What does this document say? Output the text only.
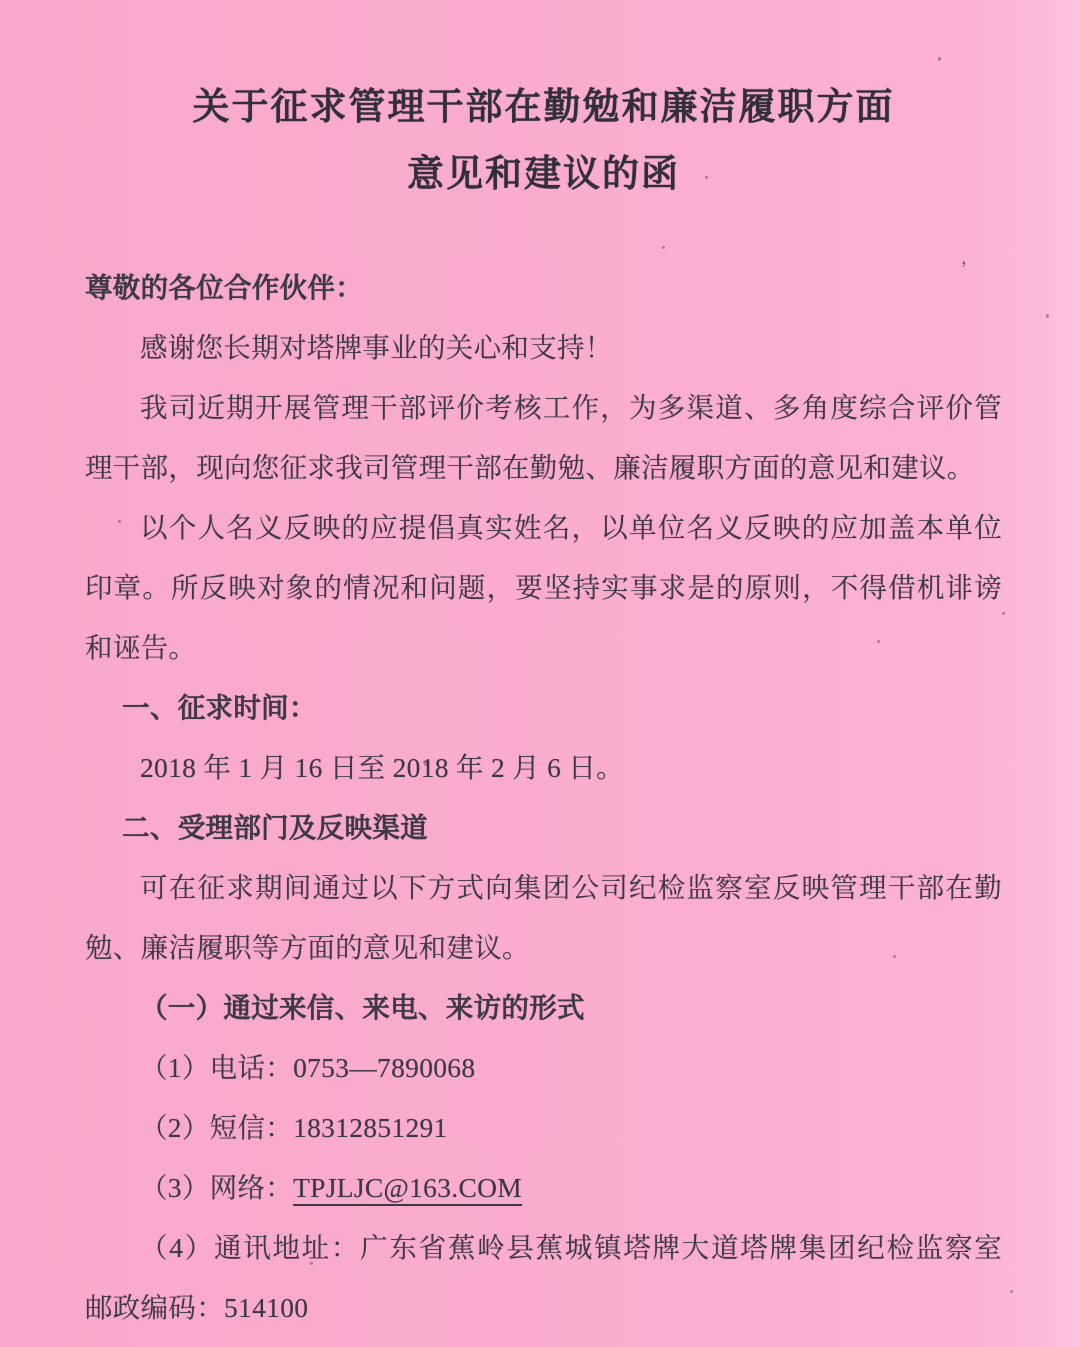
关于征求管理干部在勤勉和廉洁履职方面
意见和建议的函

尊敬的各位合作伙伴：

感谢您长期对塔牌事业的关心和支持！

我司近期开展管理干部评价考核工作，为多渠道、多角度综合评价管

理干部，现向您征求我司管理干部在勤勉、廉洁履职方面的意见和建议。

以个人名义反映的应提倡真实姓名，以单位名义反映的应加盖本单位

印章。所反映对象的情况和问题，要坚持实事求是的原则，不得借机诽谤

和诬告。

一、征求时间：

2018 年 1 月 16 日至 2018 年 2 月 6 日。

二、受理部门及反映渠道

可在征求期间通过以下方式向集团公司纪检监察室反映管理干部在勤

勉、廉洁履职等方面的意见和建议。

（一）通过来信、来电、来访的形式

（1）电话：0753—7890068

（2）短信：18312851291

（3）网络：TPJLJC@163.COM

（4）通讯地址：广东省蕉岭县蕉城镇塔牌大道塔牌集团纪检监察室

邮政编码：514100

’
